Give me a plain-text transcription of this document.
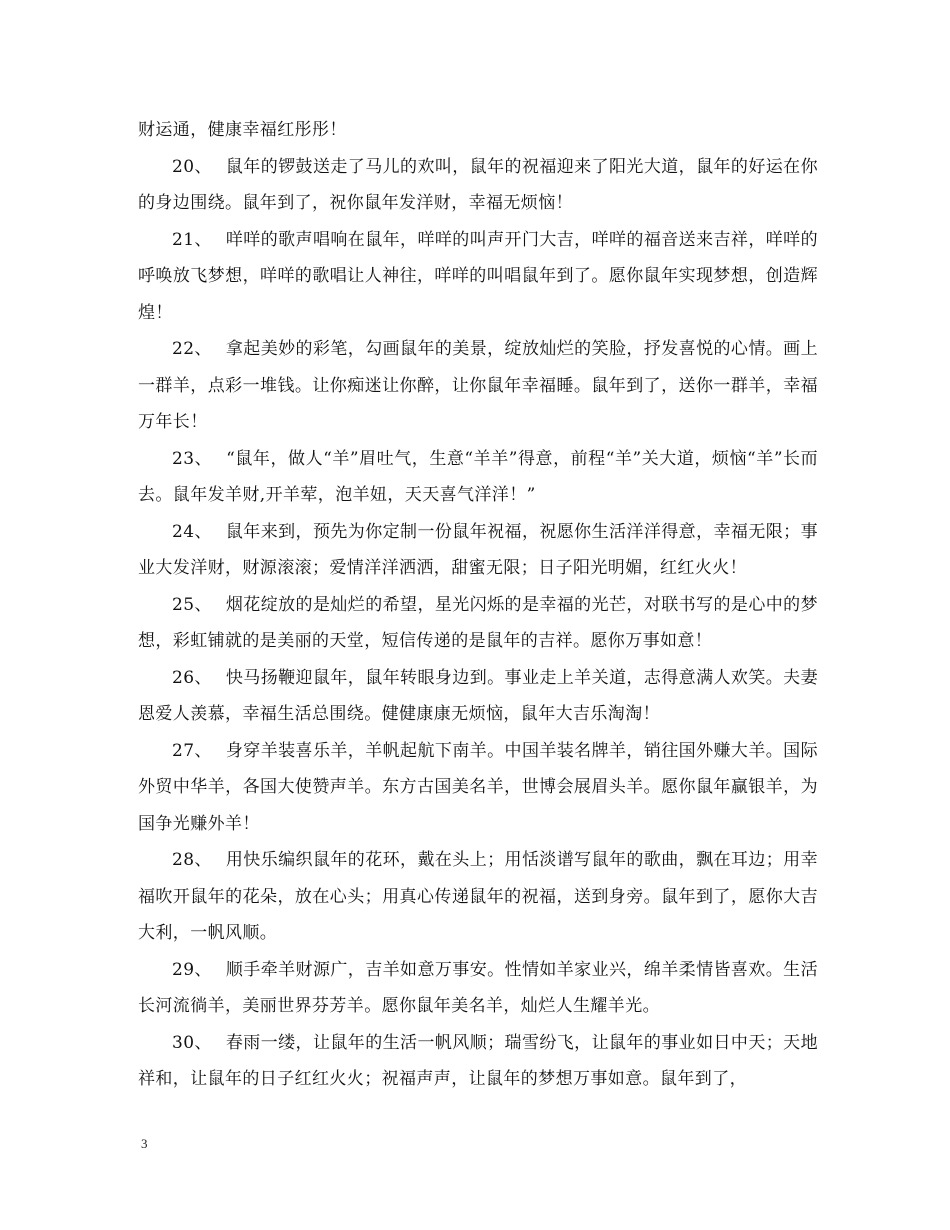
财运通，健康幸福红彤彤！

20、 鼠年的锣鼓送走了马儿的欢叫，鼠年的祝福迎来了阳光大道，鼠年的好运在你的身边围绕。鼠年到了，祝你鼠年发洋财，幸福无烦恼！

21、 咩咩的歌声唱响在鼠年，咩咩的叫声开门大吉，咩咩的福音送来吉祥，咩咩的呼唤放飞梦想，咩咩的歌唱让人神往，咩咩的叫唱鼠年到了。愿你鼠年实现梦想，创造辉煌！

22、 拿起美妙的彩笔，勾画鼠年的美景，绽放灿烂的笑脸，抒发喜悦的心情。画上一群羊，点彩一堆钱。让你痴迷让你醉，让你鼠年幸福睡。鼠年到了，送你一群羊，幸福万年长！

23、 “鼠年，做人“羊”眉吐气，生意“羊羊”得意，前程“羊”关大道，烦恼“羊”长而去。鼠年发羊财,开羊荤，泡羊妞，天天喜气洋洋！”

24、 鼠年来到，预先为你定制一份鼠年祝福，祝愿你生活洋洋得意，幸福无限；事业大发洋财，财源滚滚；爱情洋洋洒洒，甜蜜无限；日子阳光明媚，红红火火！

25、 烟花绽放的是灿烂的希望，星光闪烁的是幸福的光芒，对联书写的是心中的梦想，彩虹铺就的是美丽的天堂，短信传递的是鼠年的吉祥。愿你万事如意！

26、 快马扬鞭迎鼠年，鼠年转眼身边到。事业走上羊关道，志得意满人欢笑。夫妻恩爱人羡慕，幸福生活总围绕。健健康康无烦恼，鼠年大吉乐淘淘！

27、 身穿羊装喜乐羊，羊帆起航下南羊。中国羊装名牌羊，销往国外赚大羊。国际外贸中华羊，各国大使赞声羊。东方古国美名羊，世博会展眉头羊。愿你鼠年赢银羊，为国争光赚外羊！

28、 用快乐编织鼠年的花环，戴在头上；用恬淡谱写鼠年的歌曲，飘在耳边；用幸福吹开鼠年的花朵，放在心头；用真心传递鼠年的祝福，送到身旁。鼠年到了，愿你大吉大利，一帆风顺。

29、 顺手牵羊财源广，吉羊如意万事安。性情如羊家业兴，绵羊柔情皆喜欢。生活长河流徜羊，美丽世界芬芳羊。愿你鼠年美名羊，灿烂人生耀羊光。

30、 春雨一缕，让鼠年的生活一帆风顺；瑞雪纷飞，让鼠年的事业如日中天；天地祥和，让鼠年的日子红红火火；祝福声声，让鼠年的梦想万事如意。鼠年到了，

3
